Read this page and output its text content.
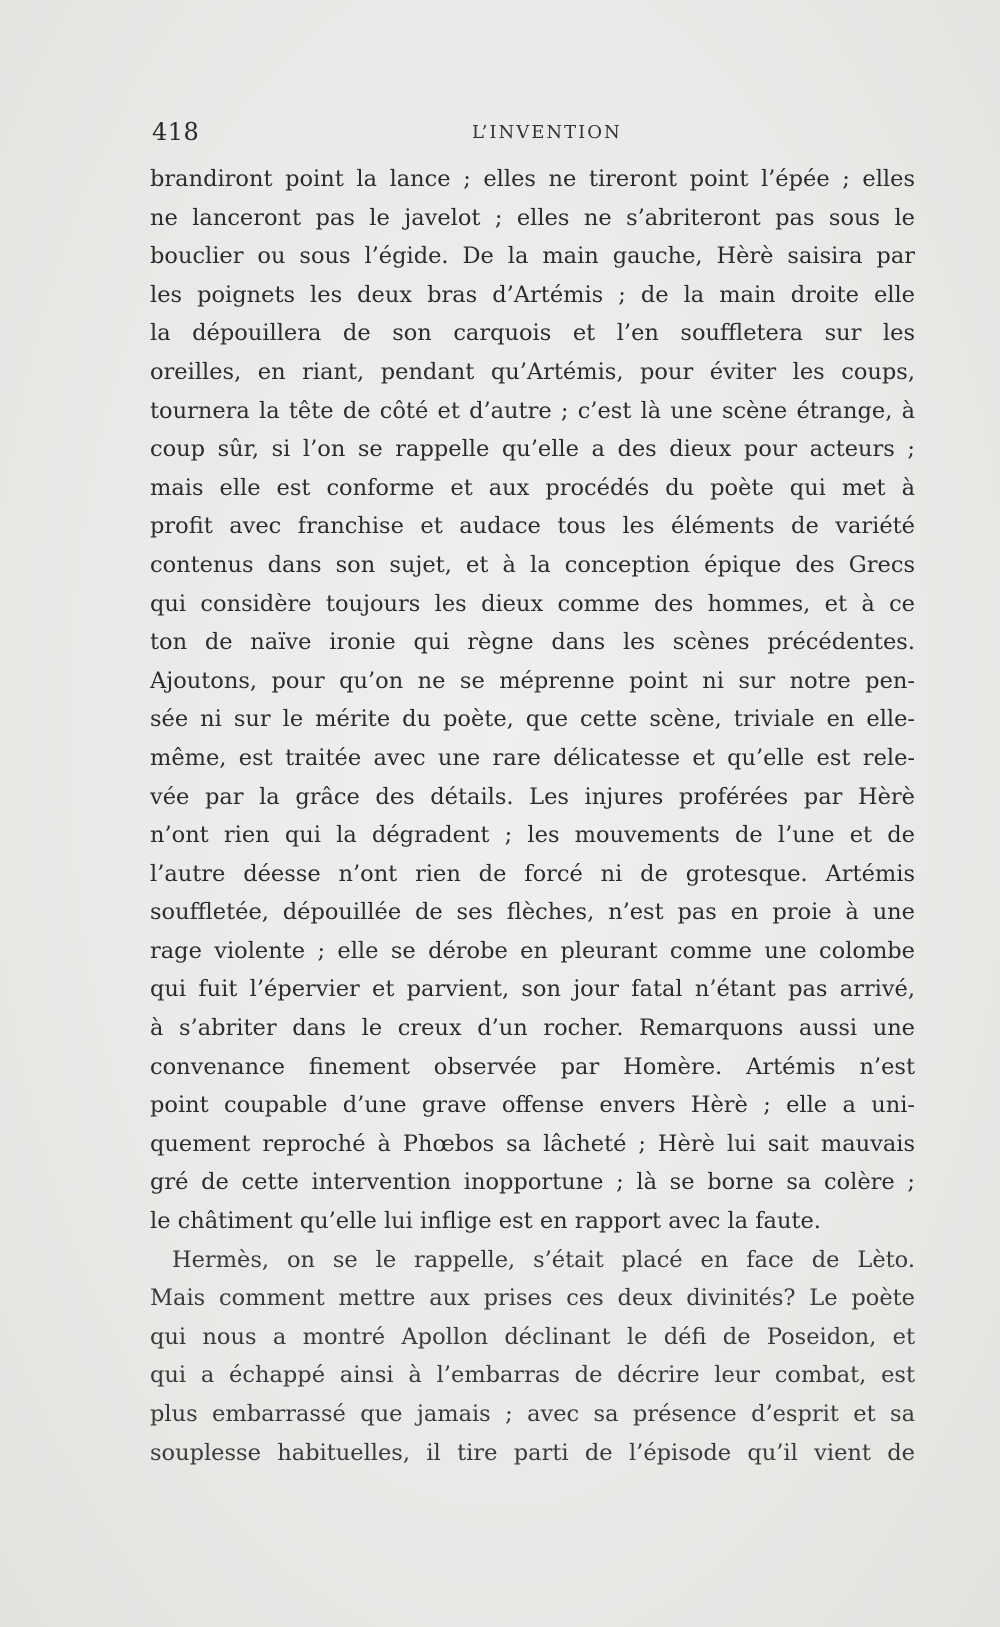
418	L’INVENTION
brandiront point la lance ; elles ne tireront point l’épée ; elles
ne lanceront pas le javelot ; elles ne s’abriteront pas sous le
bouclier ou sous l’égide. De la main gauche, Hèrè saisira par
les poignets les deux bras d’Artémis ; de la main droite elle
la dépouillera de son carquois et l’en souffletera sur les
oreilles, en riant, pendant qu’Artémis, pour éviter les coups,
tournera la tête de côté et d’autre ; c’est là une scène étrange, à
coup sûr, si l’on se rappelle qu’elle a des dieux pour acteurs ;
mais elle est conforme et aux procédés du poète qui met à
profit avec franchise et audace tous les éléments de variété
contenus dans son sujet, et à la conception épique des Grecs
qui considère toujours les dieux comme des hommes, et à ce
ton de naïve ironie qui règne dans les scènes précédentes.
Ajoutons, pour qu’on ne se méprenne point ni sur notre pen-
sée ni sur le mérite du poète, que cette scène, triviale en elle-
même, est traitée avec une rare délicatesse et qu’elle est rele-
vée par la grâce des détails. Les injures proférées par Hèrè
n’ont rien qui la dégradent ; les mouvements de l’une et de
l’autre déesse n’ont rien de forcé ni de grotesque. Artémis
souffletée, dépouillée de ses flèches, n’est pas en proie à une
rage violente ; elle se dérobe en pleurant comme une colombe
qui fuit l’épervier et parvient, son jour fatal n’étant pas arrivé,
à s’abriter dans le creux d’un rocher. Remarquons aussi une
convenance finement observée par Homère. Artémis n’est
point coupable d’une grave offense envers Hèrè ; elle a uni-
quement reproché à Phœbos sa lâcheté ; Hèrè lui sait mauvais
gré de cette intervention inopportune ; là se borne sa colère ;
le châtiment qu’elle lui inflige est en rapport avec la faute.
Hermès, on se le rappelle, s’était placé en face de Lèto.
Mais comment mettre aux prises ces deux divinités? Le poète
qui nous a montré Apollon déclinant le défi de Poseidon, et
qui a échappé ainsi à l’embarras de décrire leur combat, est
plus embarrassé que jamais ; avec sa présence d’esprit et sa
souplesse habituelles, il tire parti de l’épisode qu’il vient de
